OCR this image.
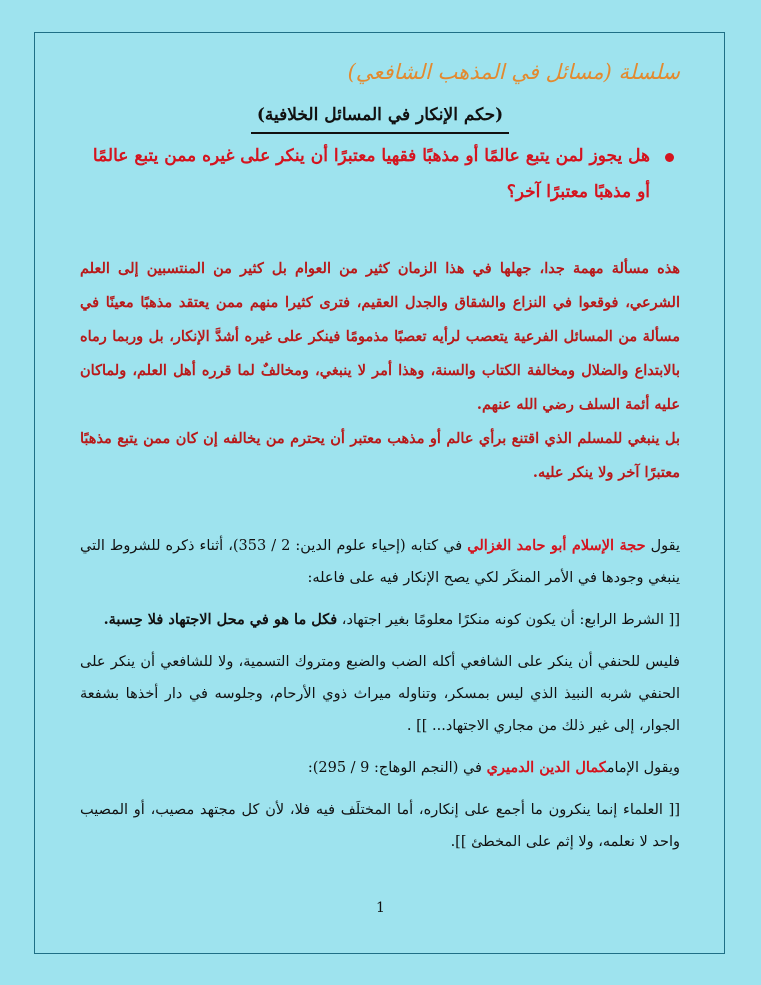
سلسلة (مسائل في المذهب الشافعي)
(حكم الإنكار في المسائل الخلافية)
هل يجوز لمن يتبع عالمًا أو مذهبًا فقهيا معتبرًا أن ينكر على غيره ممن يتبع عالمًا أو مذهبًا معتبرًا آخر؟
هذه مسألة مهمة جدا، جهلها في هذا الزمان كثير من العوام بل كثير من المنتسبين إلى العلم الشرعي، فوقعوا في النزاع والشقاق والجدل العقيم، فترى كثيرا منهم ممن يعتقد مذهبًا معينًا في مسألة من المسائل الفرعية يتعصب لرأيه تعصبًا مذمومًا فينكر على غيره أشدَّ الإنكار، بل وربما رماه بالابتداع والضلال ومخالفة الكتاب والسنة، وهذا أمر لا ينبغي، ومخالفٌ لما قرره أهل العلم، ولماكان عليه أئمة السلف رضي الله عنهم.
بل ينبغي للمسلم الذي اقتنع برأي عالم أو مذهب معتبر أن يحترم من يخالفه إن كان ممن يتبع مذهبًا معتبرًا آخر ولا ينكر عليه.
يقول حجة الإسلام أبو حامد الغزالي في كتابه (إحياء علوم الدين: 2 / 353)، أثناء ذكره للشروط التي ينبغي وجودها في الأمر المنكَر لكي يصح الإنكار فيه على فاعله:
[[ الشرط الرابع: أن يكون كونه منكرًا معلومًا بغير اجتهاد، فكل ما هو في محل الاجتهاد فلا حِسبة.
فليس للحنفي أن ينكر على الشافعي أكله الضب والضبع ومتروك التسمية، ولا للشافعي أن ينكر على الحنفي شربه النبيذ الذي ليس بمسكر، وتناوله ميراث ذوي الأرحام، وجلوسه في دار أخذها بشفعة الجوار، إلى غير ذلك من مجاري الاجتهاد... ]] .
ويقول الإمامكمال الدين الدميري في (النجم الوهاج: 9 / 295):
[[ العلماء إنما ينكرون ما أجمع على إنكاره، أما المختلَف فيه فلا، لأن كل مجتهد مصيب، أو المصيب واحد لا نعلمه، ولا إثم على المخطئ ]].
1
